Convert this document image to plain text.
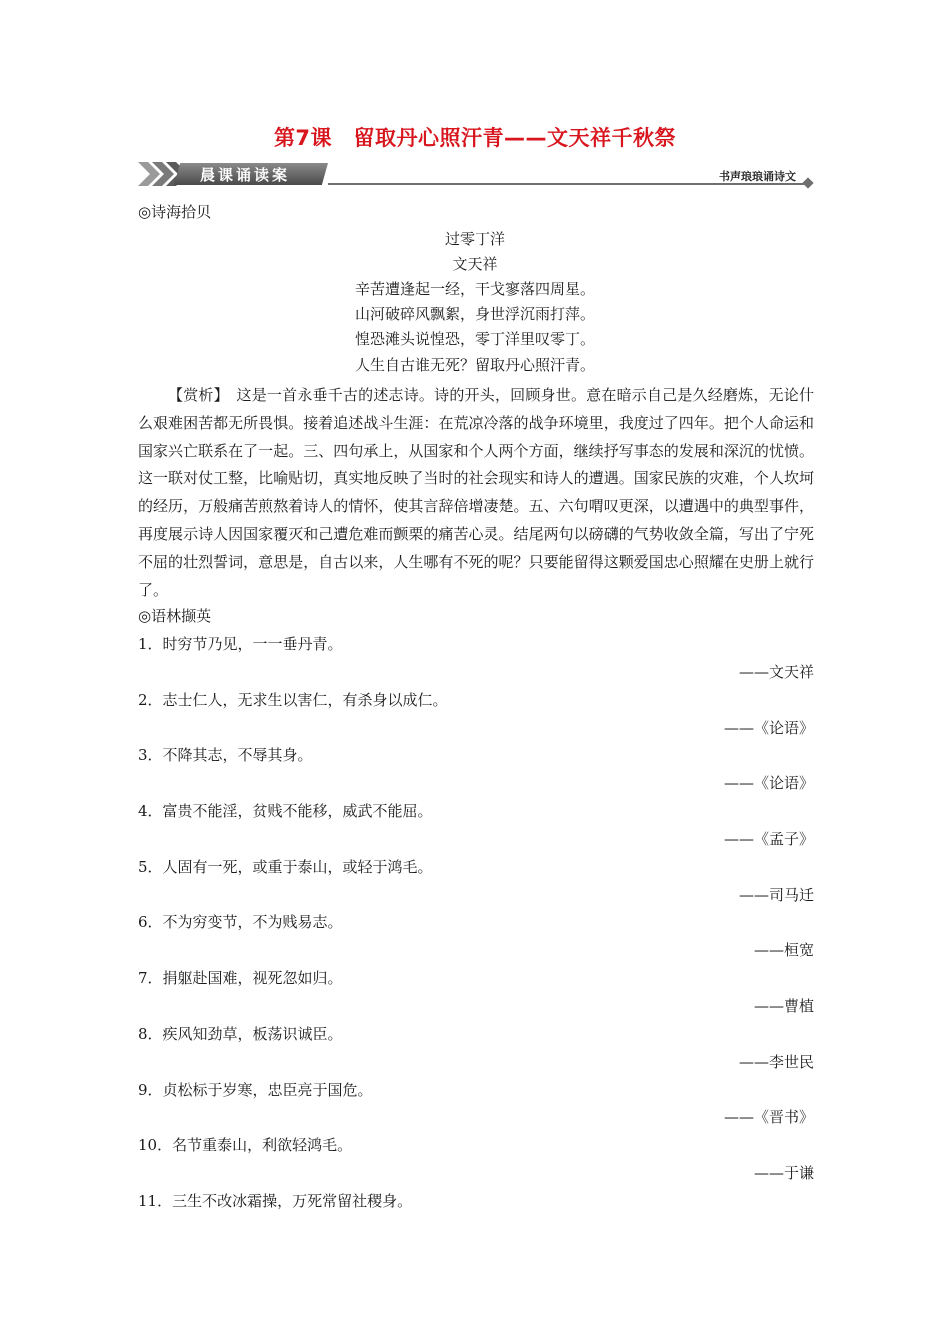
第7课　留取丹心照汗青——文天祥千秋祭
晨课诵读案	书声琅琅诵诗文
◎诗海拾贝
过零丁洋
文天祥
辛苦遭逢起一经，干戈寥落四周星。
山河破碎风飘絮，身世浮沉雨打萍。
惶恐滩头说惶恐，零丁洋里叹零丁。
人生自古谁无死？留取丹心照汗青。
【赏析】　这是一首永垂千古的述志诗。诗的开头，回顾身世。意在暗示自己是久经磨炼，无论什么艰难困苦都无所畏惧。接着追述战斗生涯：在荒凉冷落的战争环境里，我度过了四年。把个人命运和国家兴亡联系在了一起。三、四句承上，从国家和个人两个方面，继续抒写事态的发展和深沉的忧愤。这一联对仗工整，比喻贴切，真实地反映了当时的社会现实和诗人的遭遇。国家民族的灾难，个人坎坷的经历，万般痛苦煎熬着诗人的情怀，使其言辞倍增凄楚。五、六句喟叹更深，以遭遇中的典型事件，再度展示诗人因国家覆灭和己遭危难而颤栗的痛苦心灵。结尾两句以磅礴的气势收敛全篇，写出了宁死不屈的壮烈誓词，意思是，自古以来，人生哪有不死的呢？只要能留得这颗爱国忠心照耀在史册上就行了。
◎语林撷英
1．时穷节乃见，一一垂丹青。
——文天祥
2．志士仁人，无求生以害仁，有杀身以成仁。
——《论语》
3．不降其志，不辱其身。
——《论语》
4．富贵不能淫，贫贱不能移，威武不能屈。
——《孟子》
5．人固有一死，或重于泰山，或轻于鸿毛。
——司马迁
6．不为穷变节，不为贱易志。
——桓宽
7．捐躯赴国难，视死忽如归。
——曹植
8．疾风知劲草，板荡识诚臣。
——李世民
9．贞松标于岁寒，忠臣亮于国危。
——《晋书》
10．名节重泰山，利欲轻鸿毛。
——于谦
11．三生不改冰霜操，万死常留社稷身。
